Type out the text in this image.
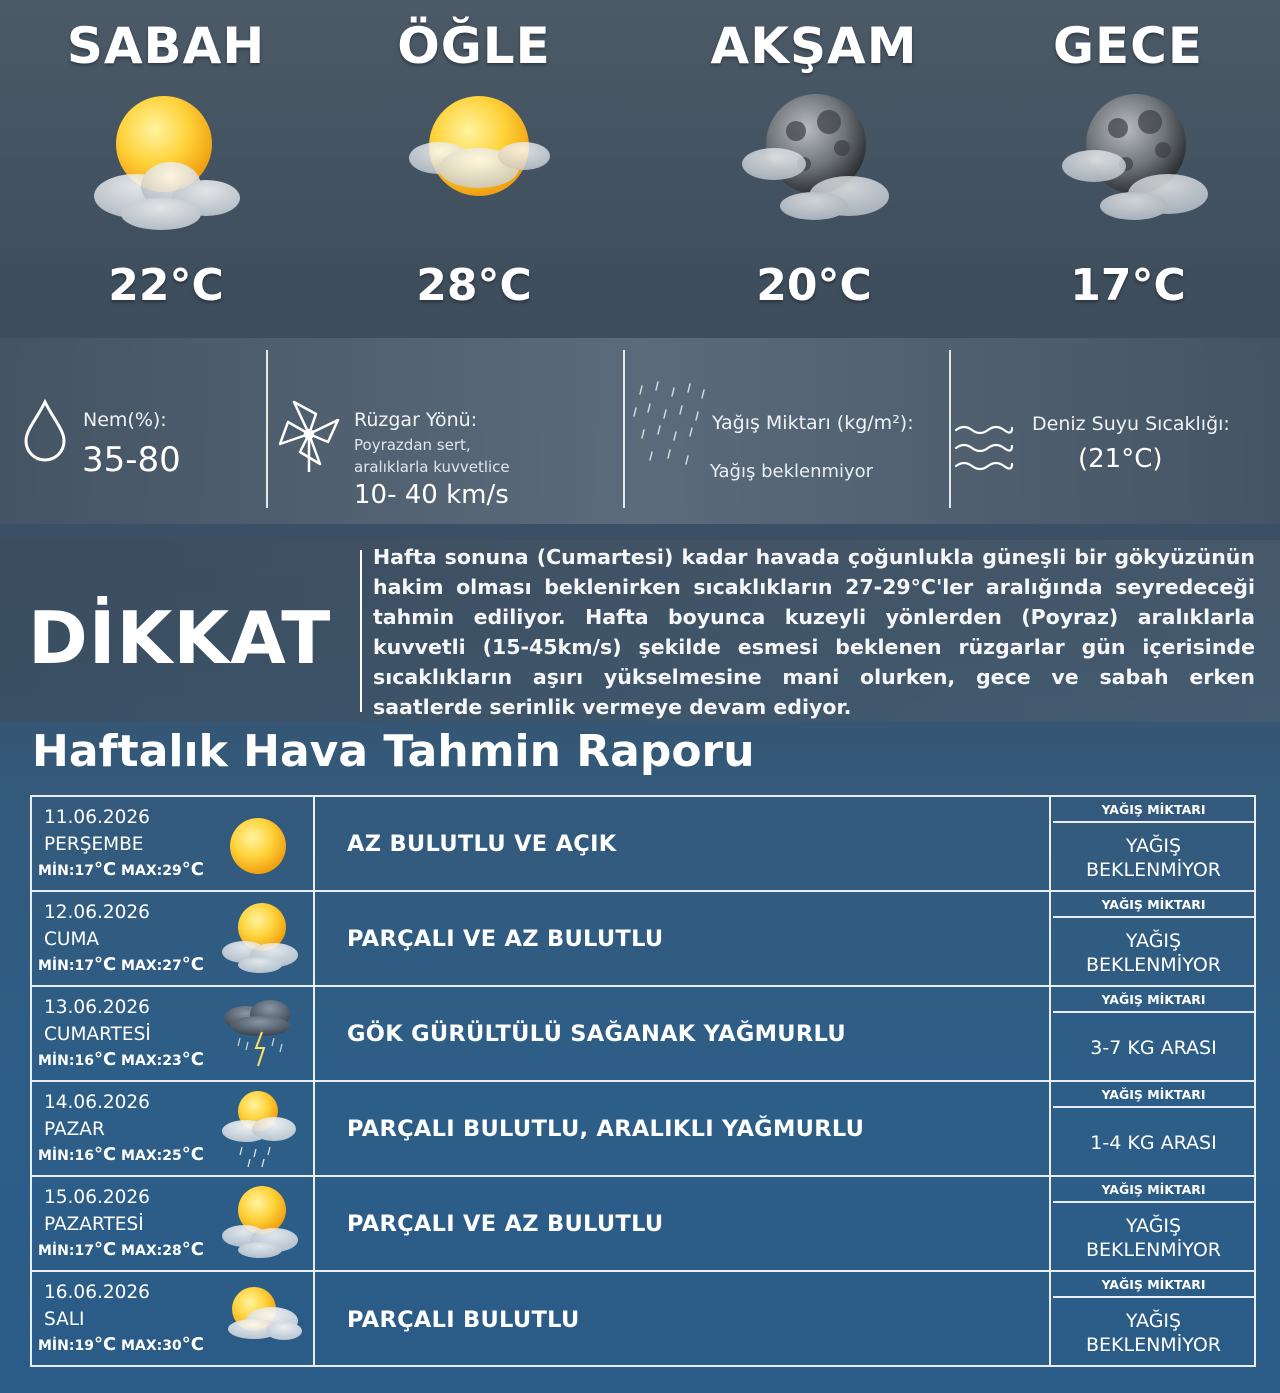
SABAH
22°C
ÖĞLE
28°C
AKŞAM
20°C
GECE
17°C
Nem(%):
35-80
Rüzgar Yönü:
Poyrazdan sert,
aralıklarla kuvvetlice
10- 40 km/s
Yağış Miktarı (kg/m²):
Yağış beklenmiyor
Deniz Suyu Sıcaklığı:
(21°C)
DİKKAT
Hafta sonuna (Cumartesi) kadar havada çoğunlukla güneşli bir gökyüzünün hakim olması beklenirken sıcaklıkların 27-29°C'ler aralığında seyredeceği tahmin ediliyor. Hafta boyunca kuzeyli yönlerden (Poyraz) aralıklarla kuvvetli (15-45km/s) şekilde esmesi beklenen rüzgarlar gün içerisinde sıcaklıkların aşırı yükselmesine mani olurken, gece ve sabah erken saatlerde serinlik vermeye devam ediyor.
Haftalık Hava Tahmin Raporu
11.06.2026
PERŞEMBE
MİN:17°C MAX:29°C
AZ BULUTLU VE AÇIK
YAĞIŞ MİKTARI
YAĞIŞ
BEKLENMİYOR
12.06.2026
CUMA
MİN:17°C MAX:27°C
PARÇALI VE AZ BULUTLU
YAĞIŞ MİKTARI
YAĞIŞ
BEKLENMİYOR
13.06.2026
CUMARTESİ
MİN:16°C MAX:23°C
GÖK GÜRÜLTÜLÜ SAĞANAK YAĞMURLU
YAĞIŞ MİKTARI
3-7 KG ARASI
14.06.2026
PAZAR
MİN:16°C MAX:25°C
PARÇALI BULUTLU, ARALIKLI YAĞMURLU
YAĞIŞ MİKTARI
1-4 KG ARASI
15.06.2026
PAZARTESİ
MİN:17°C MAX:28°C
PARÇALI VE AZ BULUTLU
YAĞIŞ MİKTARI
YAĞIŞ
BEKLENMİYOR
16.06.2026
SALI
MİN:19°C MAX:30°C
PARÇALI BULUTLU
YAĞIŞ MİKTARI
YAĞIŞ
BEKLENMİYOR
